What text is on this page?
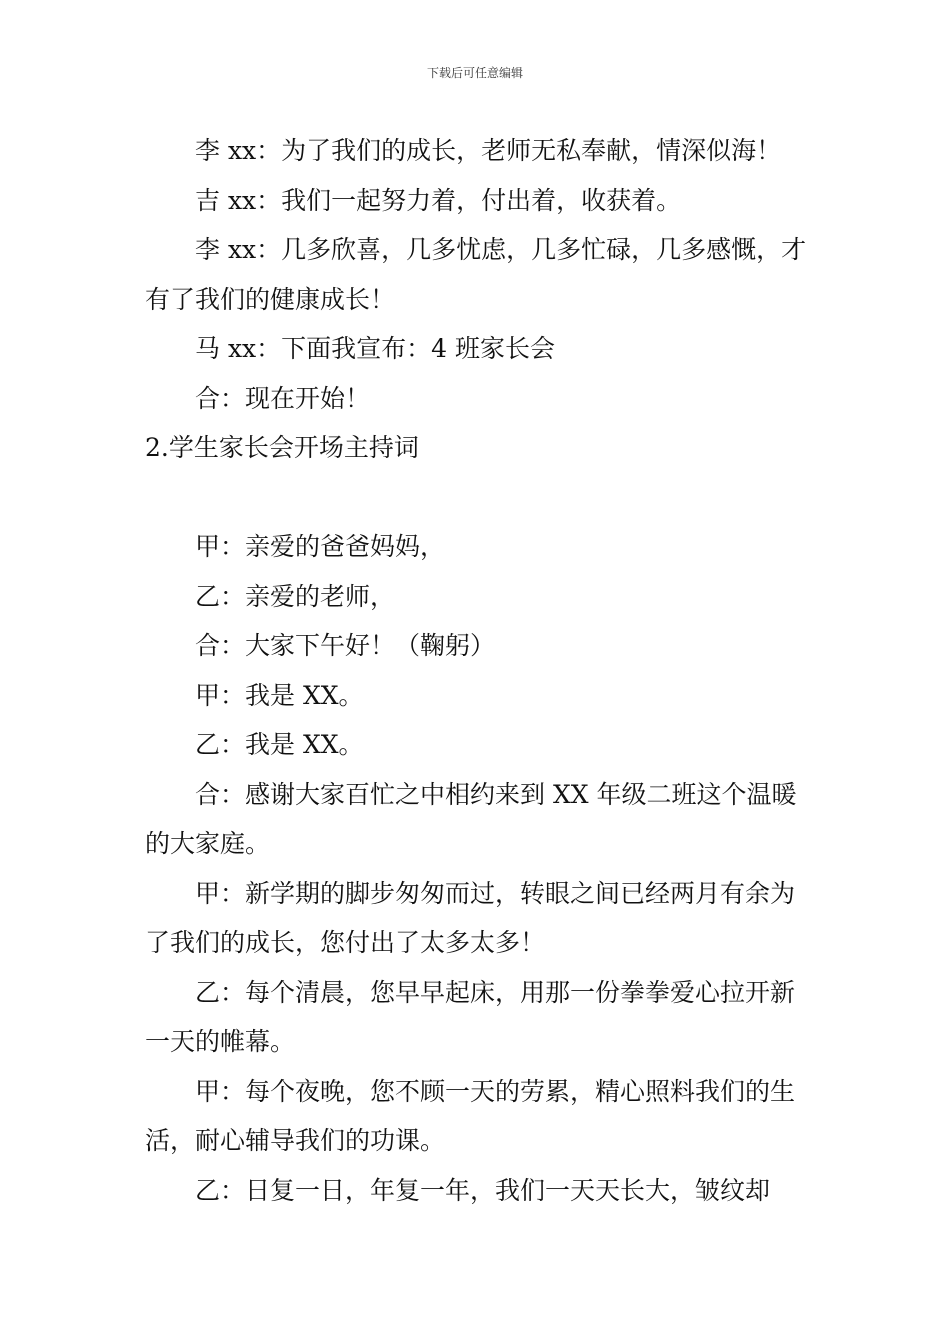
下载后可任意编辑

李 xx：为了我们的成长，老师无私奉献，情深似海！

吉 xx：我们一起努力着，付出着，收获着。

李 xx：几多欣喜，几多忧虑，几多忙碌，几多感慨，才有了我们的健康成长！

马 xx：下面我宣布：4 班家长会

合：现在开始！

2.学生家长会开场主持词

甲：亲爱的爸爸妈妈，

乙：亲爱的老师，

合：大家下午好！（鞠躬）

甲：我是 XX。

乙：我是 XX。

合：感谢大家百忙之中相约来到 XX 年级二班这个温暖的大家庭。

甲：新学期的脚步匆匆而过，转眼之间已经两月有余为了我们的成长，您付出了太多太多！

乙：每个清晨，您早早起床，用那一份拳拳爱心拉开新一天的帷幕。

甲：每个夜晚，您不顾一天的劳累，精心照料我们的生活，耐心辅导我们的功课。

乙：日复一日，年复一年，我们一天天长大，皱纹却
